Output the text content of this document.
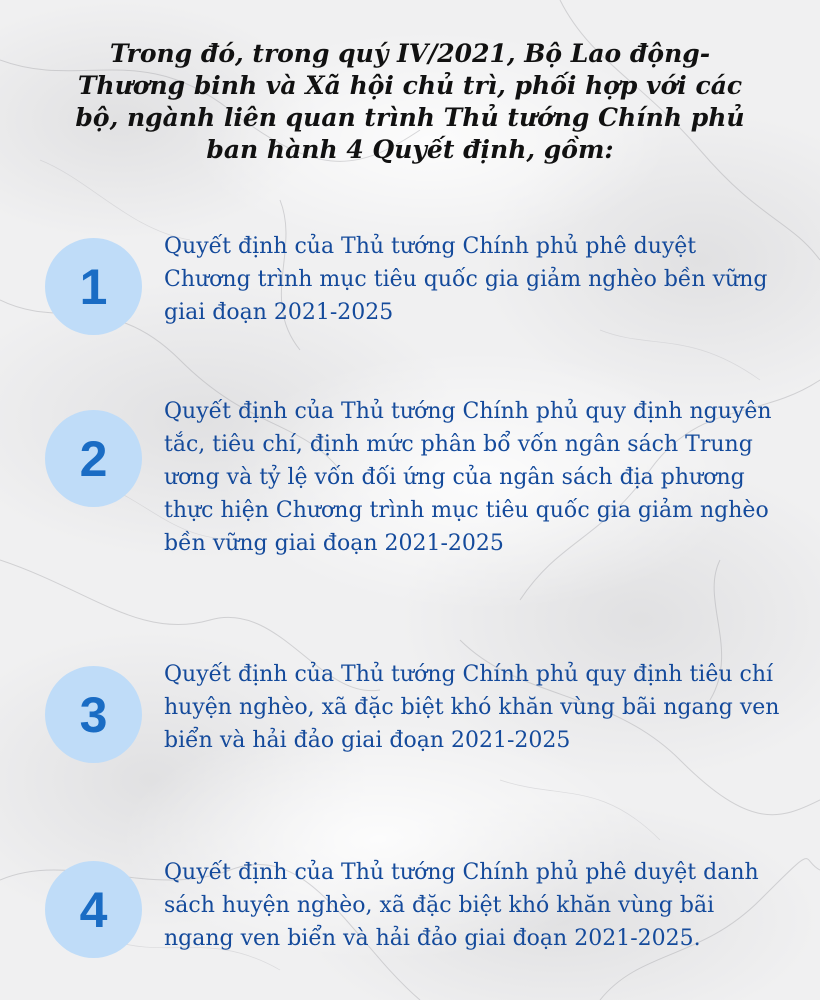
Trong đó, trong quý IV/2021, Bộ Lao động-Thương binh và Xã hội chủ trì, phối hợp với các bộ, ngành liên quan trình Thủ tướng Chính phủ ban hành 4 Quyết định, gồm:

1

Quyết định của Thủ tướng Chính phủ phê duyệt Chương trình mục tiêu quốc gia giảm nghèo bền vững giai đoạn 2021-2025

2

Quyết định của Thủ tướng Chính phủ quy định nguyên tắc, tiêu chí, định mức phân bổ vốn ngân sách Trung ương và tỷ lệ vốn đối ứng của ngân sách địa phương thực hiện Chương trình mục tiêu quốc gia giảm nghèo bền vững giai đoạn 2021-2025

3

Quyết định của Thủ tướng Chính phủ quy định tiêu chí huyện nghèo, xã đặc biệt khó khăn vùng bãi ngang ven biển và hải đảo giai đoạn 2021-2025

4

Quyết định của Thủ tướng Chính phủ phê duyệt danh sách huyện nghèo, xã đặc biệt khó khăn vùng bãi ngang ven biển và hải đảo giai đoạn 2021-2025.
